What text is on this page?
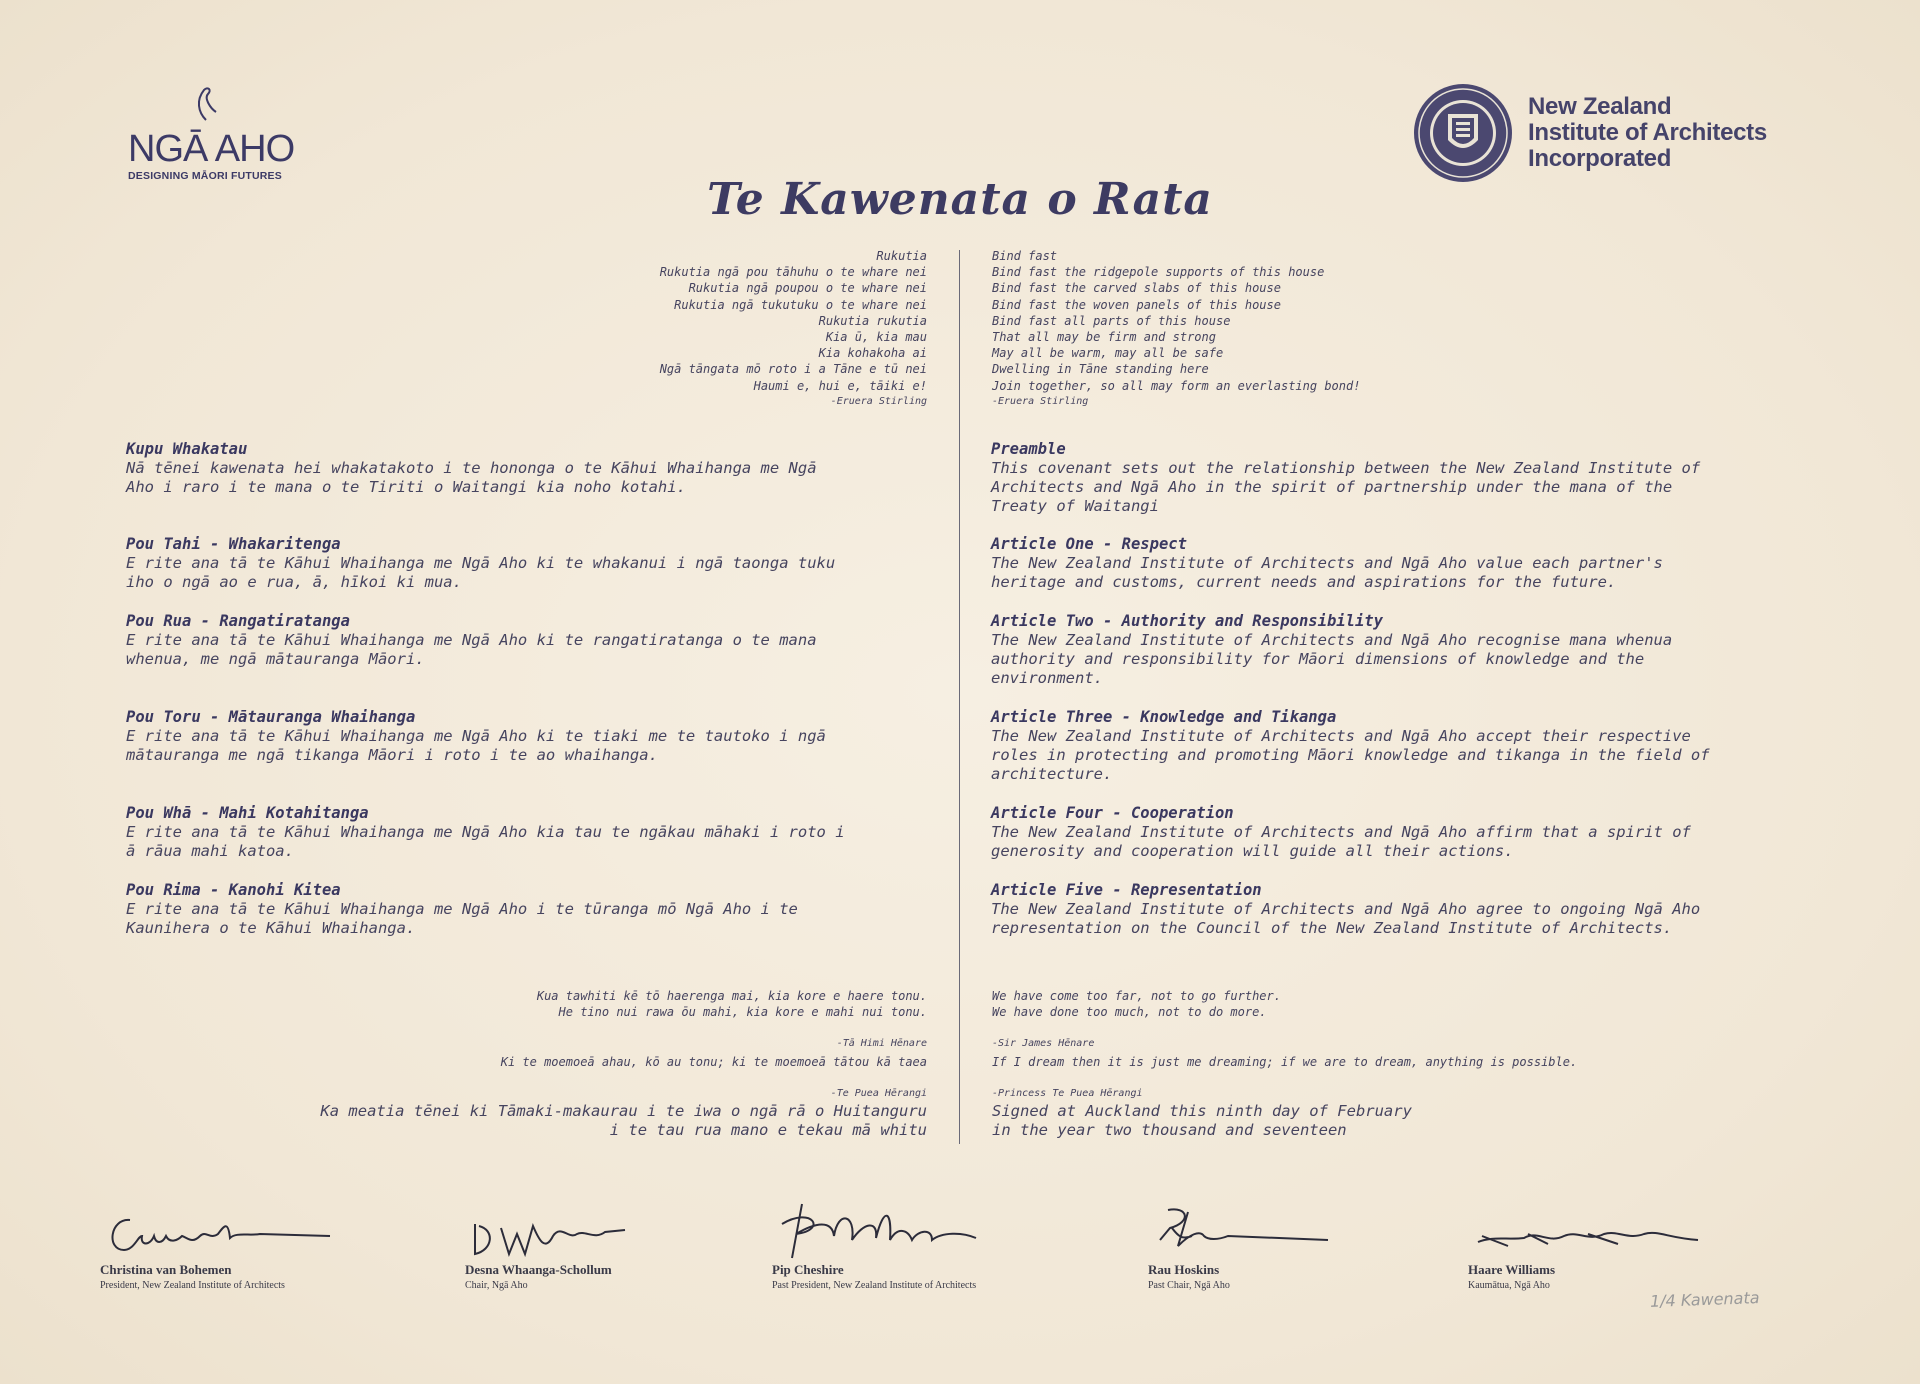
NGĀ AHO
DESIGNING MĀORI FUTURES
New Zealand
Institute of Architects
Incorporated
Te Kawenata o Rata
Rukutia
Rukutia ngā pou tāhuhu o te whare nei
Rukutia ngā poupou o te whare nei
Rukutia ngā tukutuku o te whare nei
Rukutia rukutia
Kia ū, kia mau
Kia kohakoha ai
Ngā tāngata mō roto i a Tāne e tū nei
Haumi e, hui e, tāiki e!
-Eruera Stirling
Bind fast
Bind fast the ridgepole supports of this house
Bind fast the carved slabs of this house
Bind fast the woven panels of this house
Bind fast all parts of this house
That all may be firm and strong
May all be warm, may all be safe
Dwelling in Tāne standing here
Join together, so all may form an everlasting bond!
-Eruera Stirling
Kupu Whakatau
Nā tēnei kawenata hei whakatakoto i te hononga o te Kāhui Whaihanga me Ngā
Aho i raro i te mana o te Tiriti o Waitangi kia noho kotahi.
Pou Tahi - Whakaritenga
E rite ana tā te Kāhui Whaihanga me Ngā Aho ki te whakanui i ngā taonga tuku
iho o ngā ao e rua, ā, hīkoi ki mua.
Pou Rua - Rangatiratanga
E rite ana tā te Kāhui Whaihanga me Ngā Aho ki te rangatiratanga o te mana
whenua, me ngā mātauranga Māori.
Pou Toru - Mātauranga Whaihanga
E rite ana tā te Kāhui Whaihanga me Ngā Aho ki te tiaki me te tautoko i ngā
mātauranga me ngā tikanga Māori i roto i te ao whaihanga.
Pou Whā - Mahi Kotahitanga
E rite ana tā te Kāhui Whaihanga me Ngā Aho kia tau te ngākau māhaki i roto i
ā rāua mahi katoa.
Pou Rima - Kanohi Kitea
E rite ana tā te Kāhui Whaihanga me Ngā Aho i te tūranga mō Ngā Aho i te
Kaunihera o te Kāhui Whaihanga.
Preamble
This covenant sets out the relationship between the New Zealand Institute of
Architects and Ngā Aho in the spirit of partnership under the mana of the
Treaty of Waitangi
Article One - Respect
The New Zealand Institute of Architects and Ngā Aho value each partner's
heritage and customs, current needs and aspirations for the future.
Article Two - Authority and Responsibility
The New Zealand Institute of Architects and Ngā Aho recognise mana whenua
authority and responsibility for Māori dimensions of knowledge and the
environment.
Article Three - Knowledge and Tikanga
The New Zealand Institute of Architects and Ngā Aho accept their respective
roles in protecting and promoting Māori knowledge and tikanga in the field of
architecture.
Article Four - Cooperation
The New Zealand Institute of Architects and Ngā Aho affirm that a spirit of
generosity and cooperation will guide all their actions.
Article Five - Representation
The New Zealand Institute of Architects and Ngā Aho agree to ongoing Ngā Aho
representation on the Council of the New Zealand Institute of Architects.

Kua tawhiti kē tō haerenga mai, kia kore e haere tonu.
He tino nui rawa ōu mahi, kia kore e mahi nui tonu.

-Tā Himi Hēnare

Ki te moemoeā ahau, kō au tonu; ki te moemoeā tātou kā taea

-Te Puea Hērangi

We have come too far, not to go further.
We have done too much, not to do more.

-Sir James Hēnare

If I dream then it is just me dreaming; if we are to dream, anything is possible.

-Princess Te Puea Hērangi

Ka meatia tēnei ki Tāmaki-makaurau i te iwa o ngā rā o Huitanguru
i te tau rua mano e tekau mā whitu
Signed at Auckland this ninth day of February
in the year two thousand and seventeen
Christina van Bohemen
President, New Zealand Institute of Architects
Desna Whaanga-Schollum
Chair, Ngā Aho
Pip Cheshire
Past President, New Zealand Institute of Architects
Rau Hoskins
Past Chair, Ngā Aho
Haare Williams
Kaumātua, Ngā Aho
1/4 Kawenata
